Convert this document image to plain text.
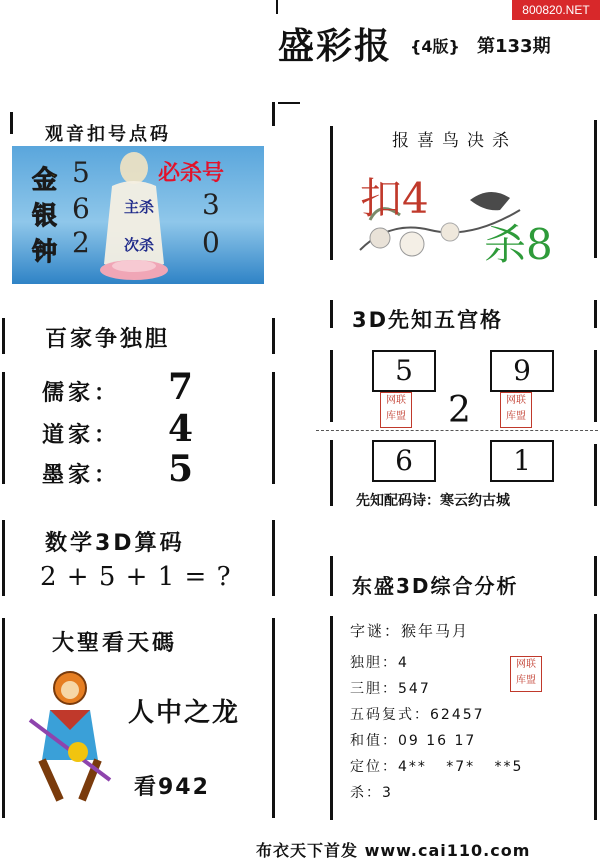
800820.NET
盛彩报 {4版} 第133期
观音扣号点码
金 5
银 6
钟 2
必杀号
主杀 3
次杀 0
报喜鸟决杀
扣4
杀8
百家争独胆
儒家： 7
道家： 4
墨家： 5
3D先知五宫格
5	9
2
6	1
网联
库盟
网联
库盟
先知配码诗：寒云约古城
数学3D算码
2 + 5 + 1 = ?
大聖看天碼
人中之龙
看942
东盛3D综合分析
字谜：猴年马月
独胆：4
三胆：547
五码复式：62457
和值：09 16 17
定位：4**   *7*   **5
杀：3
网联
库盟
布衣天下首发 www.cai110.com
